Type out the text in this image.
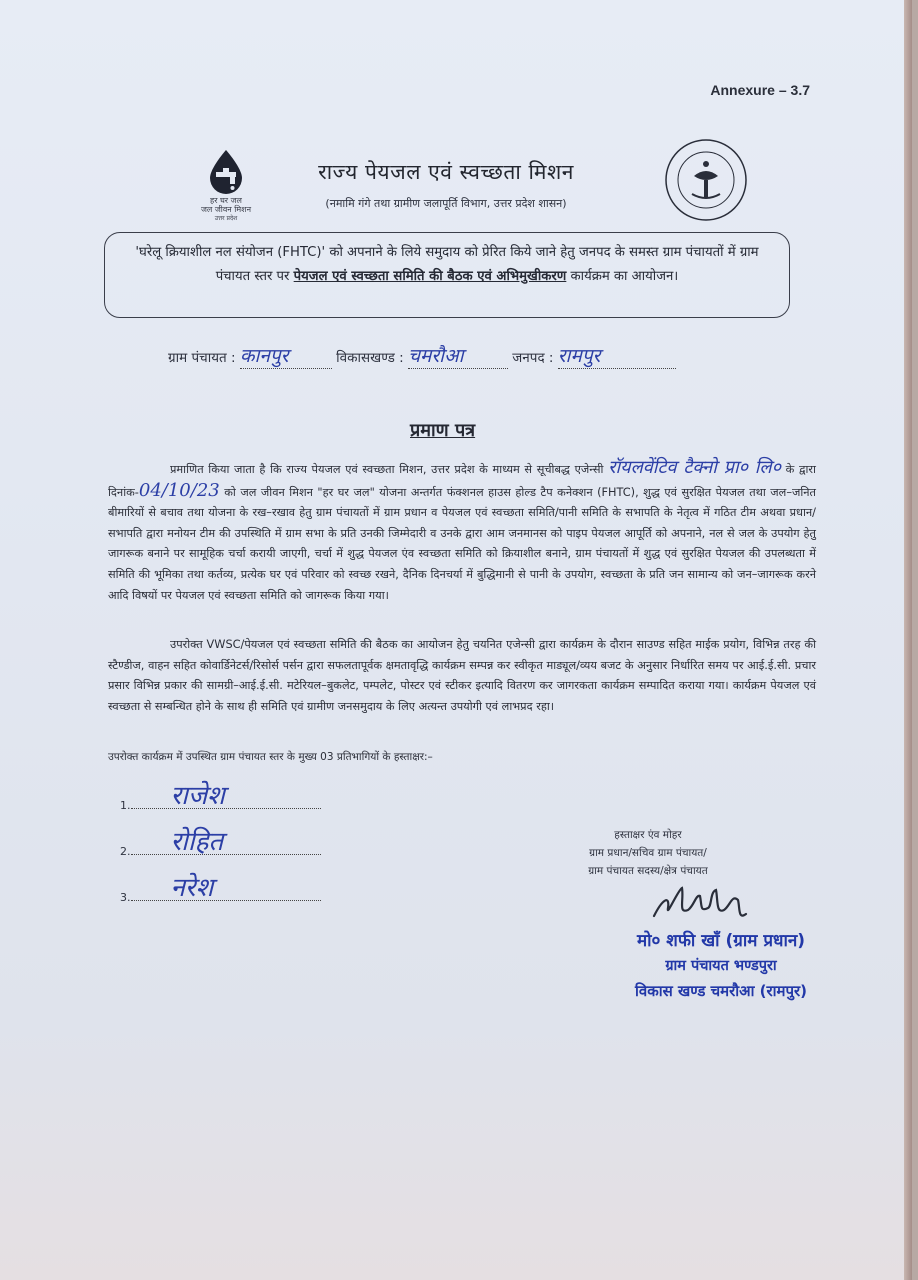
Annexure – 3.7
हर घर जल
जल जीवन मिशन
उत्तर प्रदेश
राज्य पेयजल एवं स्वच्छता मिशन
(नमामि गंगे तथा ग्रामीण जलापूर्ति विभाग, उत्तर प्रदेश शासन)
'घरेलू क्रियाशील नल संयोजन (FHTC)' को अपनाने के लिये समुदाय को प्रेरित किये जाने हेतु जनपद के समस्त ग्राम पंचायतों में ग्राम पंचायत स्तर पर पेयजल एवं स्वच्छता समिति की बैठक एवं अभिमुखीकरण कार्यक्रम का आयोजन।
ग्राम पंचायत : कानपुर	विकासखण्ड : चमरौआ	जनपद : रामपुर
प्रमाण पत्र
प्रमाणित किया जाता है कि राज्य पेयजल एवं स्वच्छता मिशन, उत्तर प्रदेश के माध्यम से सूचीबद्ध एजेन्सी रॉयलवेंटिव टैक्नो प्रा० लि० के द्वारा दिनांक-04/10/23 को जल जीवन मिशन "हर घर जल" योजना अन्तर्गत फंक्शनल हाउस होल्ड टैप कनेक्शन (FHTC), शुद्ध एवं सुरक्षित पेयजल तथा जल–जनित बीमारियों से बचाव तथा योजना के रख–रखाव हेतु ग्राम पंचायतों में ग्राम प्रधान व पेयजल एवं स्वच्छता समिति/पानी समिति के सभापति के नेतृत्व में गठित टीम अथवा प्रधान/सभापति द्वारा मनोयन टीम की उपस्थिति में ग्राम सभा के प्रति उनकी जिम्मेदारी व उनके द्वारा आम जनमानस को पाइप पेयजल आपूर्ति को अपनाने, नल से जल के उपयोग हेतु जागरूक बनाने पर सामूहिक चर्चा करायी जाएगी, चर्चा में शुद्ध पेयजल एंव स्वच्छता समिति को क्रियाशील बनाने, ग्राम पंचायतों में शुद्ध एवं सुरक्षित पेयजल की उपलब्धता में समिति की भूमिका तथा कर्तव्य, प्रत्येक घर एवं परिवार को स्वच्छ रखने, दैनिक दिनचर्या में बुद्धिमानी से पानी के उपयोग, स्वच्छता के प्रति जन सामान्य को जन–जागरूक करने आदि विषयों पर पेयजल एवं स्वच्छता समिति को जागरूक किया गया।
उपरोक्त VWSC/पेयजल एवं स्वच्छता समिति की बैठक का आयोजन हेतु चयनित एजेन्सी द्वारा कार्यक्रम के दौरान साउण्ड सहित माईक प्रयोग, विभिन्न तरह की स्टैण्डीज, वाहन सहित कोवार्डिनेटर्स/रिसोर्स पर्सन द्वारा सफलतापूर्वक क्षमतावृद्धि कार्यक्रम सम्पन्न कर स्वीकृत माड्यूल/व्यय बजट के अनुसार निर्धारित समय पर आई.ई.सी. प्रचार प्रसार विभिन्न प्रकार की सामग्री–आई.ई.सी. मटेरियल–बुकलेट, पम्पलेट, पोस्टर एवं स्टीकर इत्यादि वितरण कर जागरकता कार्यक्रम सम्पादित कराया गया। कार्यक्रम पेयजल एवं स्वच्छता से सम्बन्धित होने के साथ ही समिति एवं ग्रामीण जनसमुदाय के लिए अत्यन्त उपयोगी एवं लाभप्रद रहा।
उपरोक्त कार्यक्रम में उपस्थित ग्राम पंचायत स्तर के मुख्य 03 प्रतिभागियों के हस्ताक्षर:–
1. राजेश
2. रोहित
3. नरेश
हस्ताक्षर एंव मोहर
ग्राम प्रधान/सचिव ग्राम पंचायत/
ग्राम पंचायत सदस्य/क्षेत्र पंचायत
मो० शफी खाँ (ग्राम प्रधान)
ग्राम पंचायत भण्डपुरा
विकास खण्ड चमरौआ (रामपुर)
